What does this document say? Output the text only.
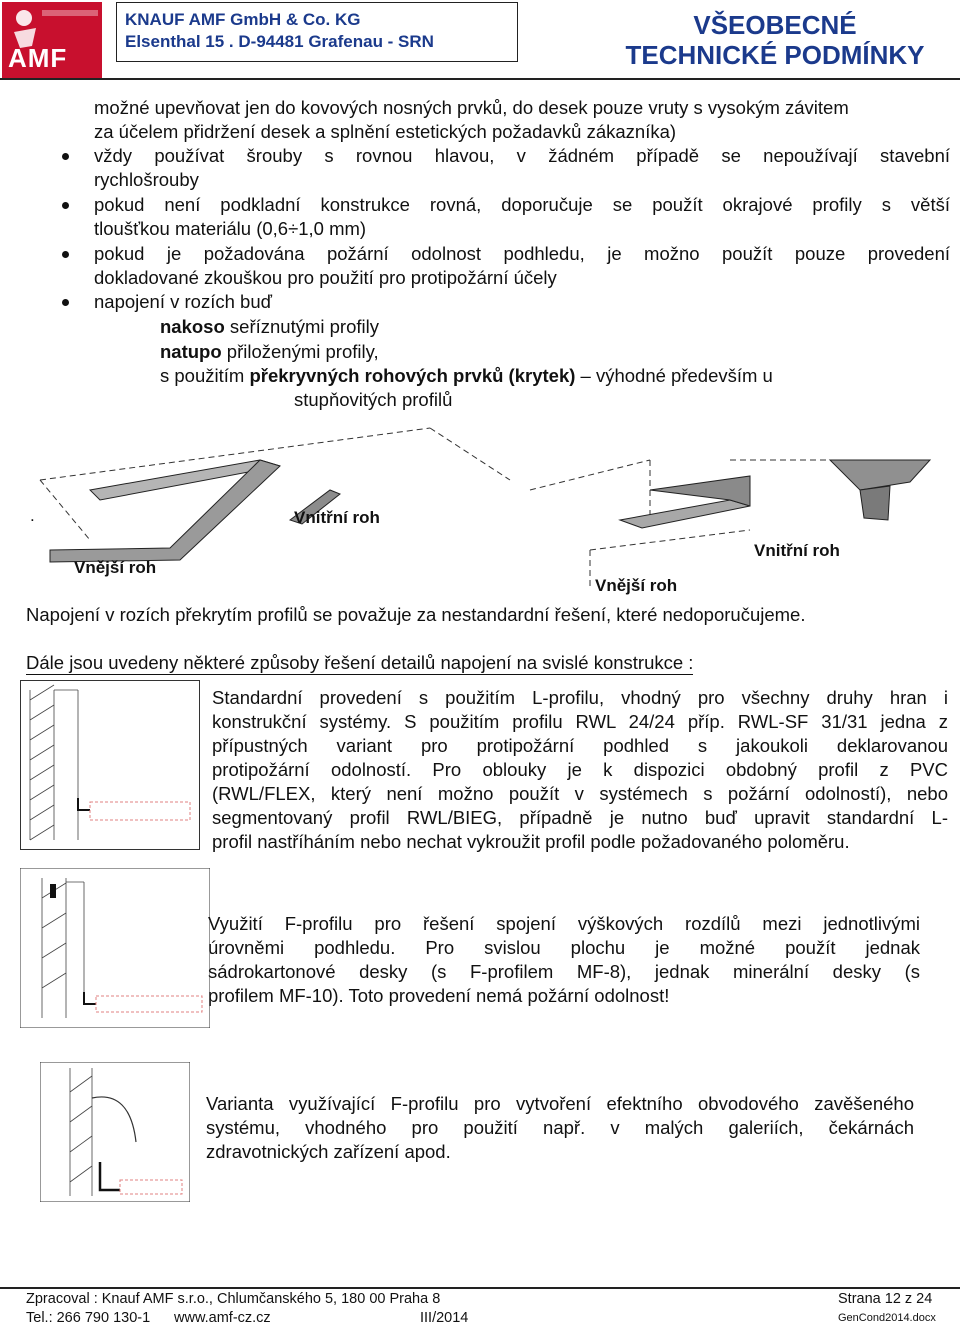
AMF
KNAUF AMF GmbH & Co. KG
Elsenthal 15 . D-94481 Grafenau - SRN
VŠEOBECNÉ
TECHNICKÉ PODMÍNKY
možné upevňovat jen do kovových nosných prvků, do desek pouze vruty s vysokým závitem
za účelem přidržení desek a splnění estetických požadavků zákazníka)
vždy používat šrouby s rovnou hlavou, v žádném případě se nepoužívají stavební
rychlošrouby
pokud není podkladní konstrukce rovná, doporučuje se použít okrajové profily s větší
tloušťkou materiálu (0,6÷1,0 mm)
pokud je požadována požární odolnost podhledu, je možno použít pouze provedení
dokladované zkouškou pro použití pro protipožární účely
napojení v rozích buď
nakoso seříznutými profily
natupo přiloženými profily,
s použitím překryvných rohových prvků (krytek) – výhodné především u
stupňovitých profilů
.	Vnitřní roh
Vnitřní roh
Vnější roh
Vnější roh
Napojení v rozích překrytím profilů se považuje za nestandardní řešení, které nedoporučujeme.
Dále jsou uvedeny některé způsoby řešení detailů napojení na svislé konstrukce :
Standardní provedení s použitím L-profilu, vhodný pro všechny druhy hran i
konstrukční systémy. S použitím profilu RWL 24/24 příp. RWL-SF 31/31 jedna z
přípustných variant pro protipožární podhled s jakoukoli deklarovanou
protipožární odolností. Pro oblouky je k dispozici obdobný profil z PVC
(RWL/FLEX, který není možno použít v systémech s požární odolností), nebo
segmentovaný profil RWL/BIEG, případně je nutno buď upravit standardní L-
profil nastříháním nebo nechat vykroužit profil podle požadovaného poloměru.
Využití F-profilu pro řešení spojení výškových rozdílů mezi jednotlivými
úrovněmi podhledu. Pro svislou plochu je možné použít jednak
sádrokartonové desky (s F-profilem MF-8), jednak minerální desky (s
profilem MF-10). Toto provedení nemá požární odolnost!
Varianta využívající F-profilu pro vytvoření efektního obvodového zavěšeného
systému, vhodného pro použití např. v malých galeriích, čekárnách
zdravotnických zařízení apod.
Zpracoval : Knauf AMF s.r.o., Chlumčanského 5, 180 00 Praha 8	Strana 12 z 24
Tel.: 266 790 130-1 www.amf-cz.cz	III/2014	GenCond2014.docx
